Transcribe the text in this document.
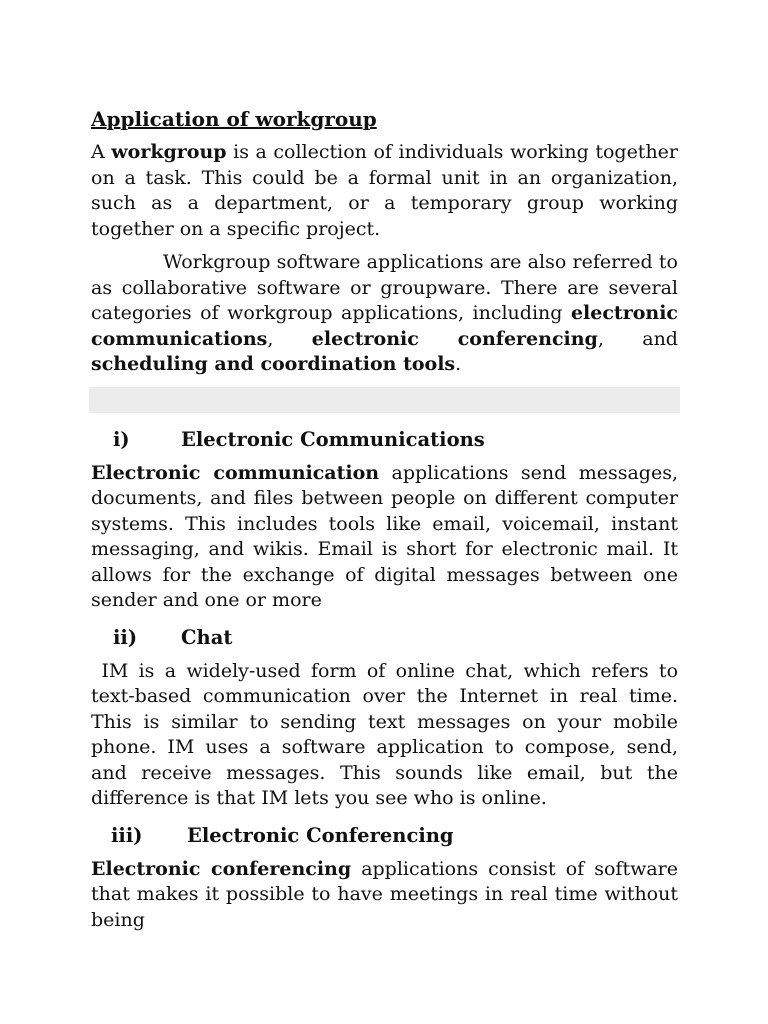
Application of workgroup

A workgroup is a collection of individuals working together on a task. This could be a formal unit in an organization, such as a department, or a temporary group working together on a specific project.

Workgroup software applications are also referred to as collaborative software or groupware. There are several categories of workgroup applications, including electronic communications, electronic conferencing, and scheduling and coordination tools.

i)	Electronic Communications

Electronic communication applications send messages, documents, and files between people on different computer systems. This includes tools like email, voicemail, instant messaging, and wikis. Email is short for electronic mail. It allows for the exchange of digital messages between one sender and one or more

ii)	Chat

IM is a widely-used form of online chat, which refers to text-based communication over the Internet in real time. This is similar to sending text messages on your mobile phone. IM uses a software application to compose, send, and receive messages. This sounds like email, but the difference is that IM lets you see who is online.

iii)	Electronic Conferencing

Electronic conferencing applications consist of software that makes it possible to have meetings in real time without being
